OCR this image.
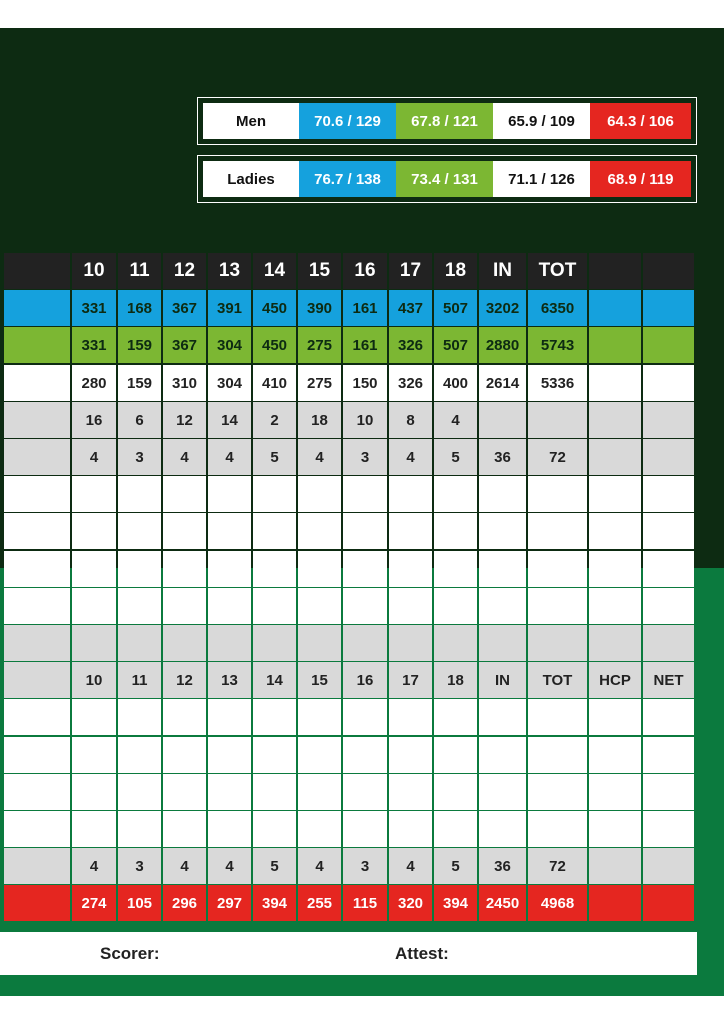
Men	70.6 / 129	67.8 / 121	65.9 / 109	64.3 / 106
Ladies	76.7 / 138	73.4 / 131	71.1 / 126	68.9 / 119
10	11	12	13	14	15	16	17	18	IN	TOT
331	168	367	391	450	390	161	437	507	3202	6350
331	159	367	304	450	275	161	326	507	2880	5743
280	159	310	304	410	275	150	326	400	2614	5336
16	6	12	14	2	18	10	8	4
4	3	4	4	5	4	3	4	5	36	72
10	11	12	13	14	15	16	17	18	IN	TOT	HCP	NET
4	3	4	4	5	4	3	4	5	36	72
274	105	296	297	394	255	115	320	394	2450	4968
Scorer:	Attest:
